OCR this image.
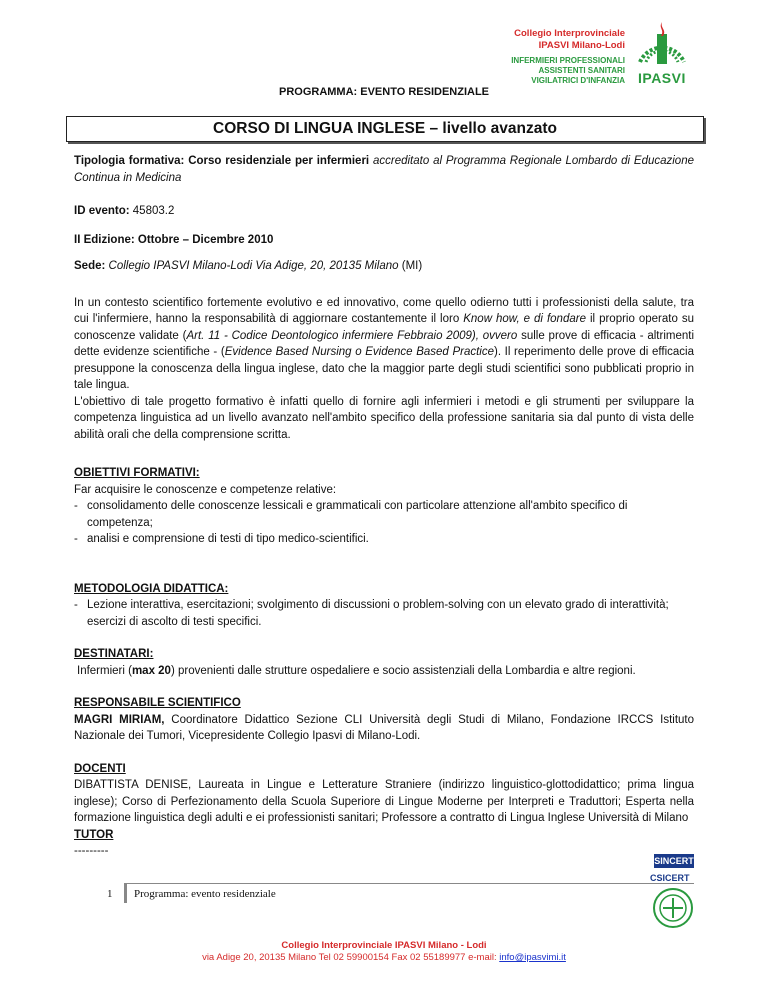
Collegio Interprovinciale
IPASVI Milano-Lodi
INFERMIERI PROFESSIONALI
ASSISTENTI SANITARI
VIGILATRICI D'INFANZIA IPASVI
PROGRAMMA: EVENTO RESIDENZIALE
CORSO DI LINGUA INGLESE – livello avanzato

Tipologia formativa: Corso residenziale per infermieri accreditato al Programma Regionale Lombardo di Educazione Continua in Medicina

ID evento: 45803.2

II Edizione: Ottobre – Dicembre 2010

Sede: Collegio IPASVI Milano-Lodi Via Adige, 20, 20135 Milano (MI)

In un contesto scientifico fortemente evolutivo e ed innovativo, come quello odierno tutti i professionisti della salute, tra cui l'infermiere, hanno la responsabilità di aggiornare costantemente il loro Know how, e di fondare il proprio operato su conoscenze validate (Art. 11 - Codice Deontologico infermiere Febbraio 2009), ovvero sulle prove di efficacia - altrimenti dette evidenze scientifiche - (Evidence Based Nursing o Evidence Based Practice). Il reperimento delle prove di efficacia presuppone la conoscenza della lingua inglese, dato che la maggior parte degli studi scientifici sono pubblicati proprio in tale lingua.

L'obiettivo di tale progetto formativo è infatti quello di fornire agli infermieri i metodi e gli strumenti per sviluppare la competenza linguistica ad un livello avanzato nell'ambito specifico della professione sanitaria sia dal punto di vista delle abilità orali che della comprensione scritta.

OBIETTIVI FORMATIVI:

Far acquisire le conoscenze e competenze relative:

- consolidamento delle conoscenze lessicali e grammaticali con particolare attenzione all'ambito specifico di competenza;
- analisi e comprensione di testi di tipo medico-scientifici.

METODOLOGIA DIDATTICA:

- Lezione interattiva, esercitazioni; svolgimento di discussioni o problem-solving con un elevato grado di interattività; esercizi di ascolto di testi specifici.

DESTINATARI:

Infermieri (max 20) provenienti dalle strutture ospedaliere e socio assistenziali della Lombardia e altre regioni.

RESPONSABILE SCIENTIFICO

MAGRI MIRIAM, Coordinatore Didattico Sezione CLI Università degli Studi di Milano, Fondazione IRCCS Istituto Nazionale dei Tumori, Vicepresidente Collegio Ipasvi di Milano-Lodi.

DOCENTI

DIBATTISTA DENISE, Laureata in Lingue e Letterature Straniere (indirizzo linguistico-glottodidattico; prima lingua inglese); Corso di Perfezionamento della Scuola Superiore di Lingue Moderne per Interpreti e Traduttori; Esperta nella formazione linguistica degli adulti e ei professionisti sanitari; Professore a contratto di Lingua Inglese Università di Milano

TUTOR

---------

SINCERT
CSICERT
1 Programma: evento residenziale
Collegio Interprovinciale IPASVI Milano - Lodi
via Adige 20, 20135 Milano Tel 02 59900154 Fax 02 55189977 e-mail: info@ipasvimi.it
